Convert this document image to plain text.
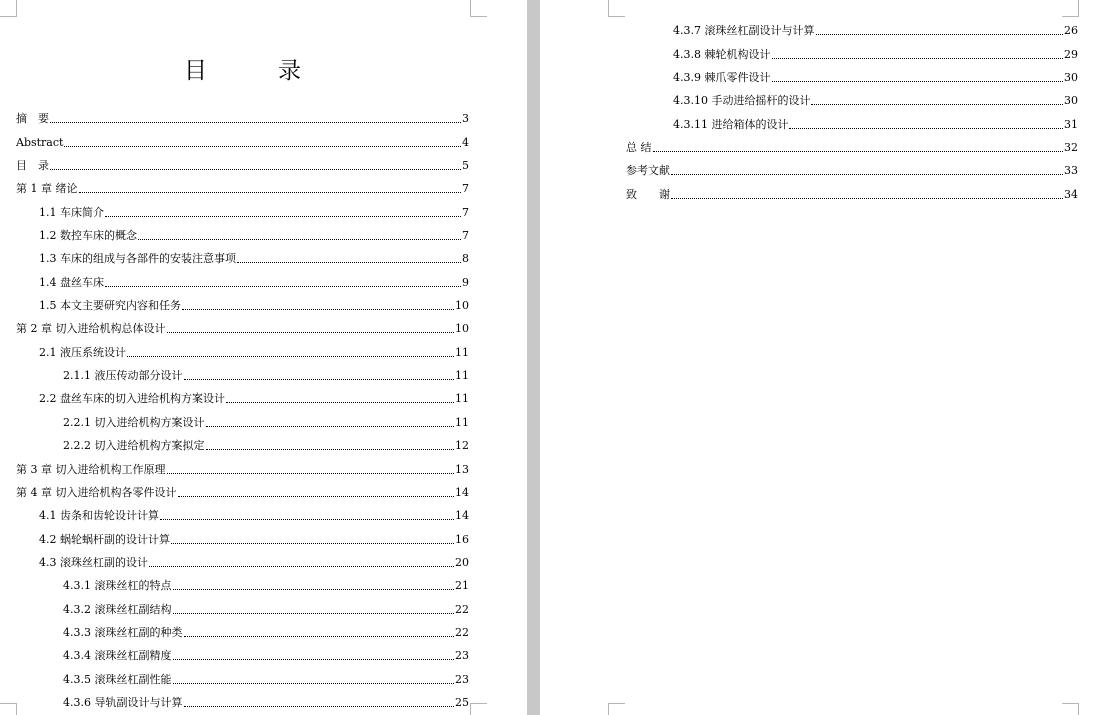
目　录
摘　要	3
Abstract	4
目　录	5
第 1 章 绪论	7
1.1 车床简介	7
1.2 数控车床的概念	7
1.3 车床的组成与各部件的安装注意事项	8
1.4 盘丝车床	9
1.5 本文主要研究内容和任务	10
第 2 章 切入进给机构总体设计	10
2.1 液压系统设计	11
2.1.1 液压传动部分设计	11
2.2 盘丝车床的切入进给机构方案设计	11
2.2.1 切入进给机构方案设计	11
2.2.2 切入进给机构方案拟定	12
第 3 章 切入进给机构工作原理	13
第 4 章 切入进给机构各零件设计	14
4.1 齿条和齿轮设计计算	14
4.2 蜗轮蜗杆副的设计计算	16
4.3 滚珠丝杠副的设计	20
4.3.1 滚珠丝杠的特点	21
4.3.2 滚珠丝杠副结构	22
4.3.3 滚珠丝杠副的种类	22
4.3.4 滚珠丝杠副精度	23
4.3.5 滚珠丝杠副性能	23
4.3.6 导轨副设计与计算	25
4.3.7 滚珠丝杠副设计与计算	26
4.3.8 棘轮机构设计	29
4.3.9 棘爪零件设计	30
4.3.10 手动进给摇杆的设计	30
4.3.11 进给箱体的设计	31
总 结	32
参考文献	33
致　　谢	34
